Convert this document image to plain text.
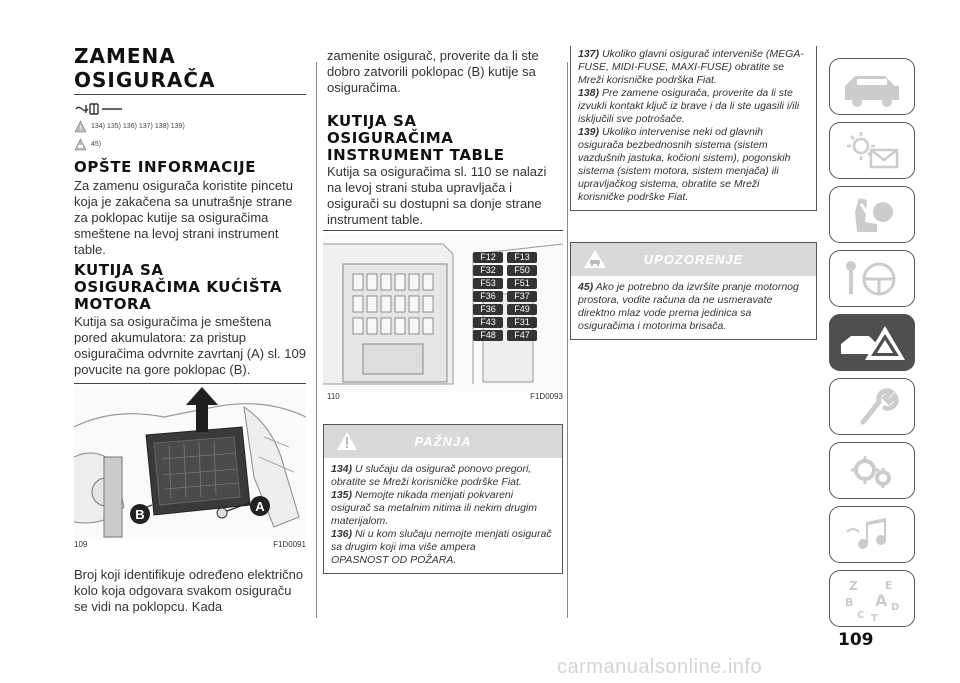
ZAMENA
OSIGURAČA
! 134) 135) 136) 137) 138) 139)
45)
OPŠTE INFORMACIJE
Za zamenu osigurača koristite pincetu koja je zakačena sa unutrašnje strane za poklopac kutije sa osiguračima smeštene na levoj strani instrument table.
KUTIJA SA
OSIGURAČIMA KUĆIŠTA
MOTORA
Kutija sa osiguračima je smeštena pored akumulatora: za pristup osiguračima odvrnite zavrtanj (A) sl. 109 povucite na gore poklopac (B).
B
A
109	F1D0091
Broj koji identifikuje određeno električno kolo koja odgovara svakom osiguraču se vidi na poklopcu. Kada
zamenite osigurač, proverite da li ste dobro zatvorili poklopac (B) kutije sa osiguračima.
KUTIJA SA
OSIGURAČIMA
INSTRUMENT TABLE
Kutija sa osiguračima sl. 110 se nalazi na levoj strani stuba upravljača i osigurači su dostupni sa donje strane instrument table.
F12	F13
F32	F50
F53	F51
F36	F37
F36	F49
F43	F31
F48	F47
110	F1D0093
PAŽNJA

134) U slučaju da osigurač ponovo pregori, obratite se Mreži korisničke podrške Fiat.

135) Nemojte nikada menjati pokvareni osigurač sa metalnim nitima ili nekim drugim materijalom.

136) Ni u kom slučaju nemojte menjati osigurač sa drugim koji ima više ampera

OPASNOST OD POŽARA.

137) Ukoliko glavni osigurač interveniše (MEGA-FUSE, MIDI-FUSE, MAXI-FUSE) obratite se Mreži korisničke podrška Fiat.

138) Pre zamene osigurača, proverite da li ste izvukli kontakt ključ iz brave i da li ste ugasili i/ili isključili sve potrošače.

139) Ukoliko intervenise neki od glavnih osigurača bezbednosnih sistema (sistem vazdušnih jastuka, kočioni sistem), pogonskih sistema (sistem motora, sistem menjača) ili upravljačkog sistema, obratite se Mreži korisničke podrške Fiat.

UPOZORENJE

45) Ako je potrebno da izvršite pranje motornog prostora, vodite računa da ne usmeravate direktno mlaz vode prema jedinica sa osiguračima i motorima brisača.

Z E
B A
C
D
T
109
carmanualsonline.info
